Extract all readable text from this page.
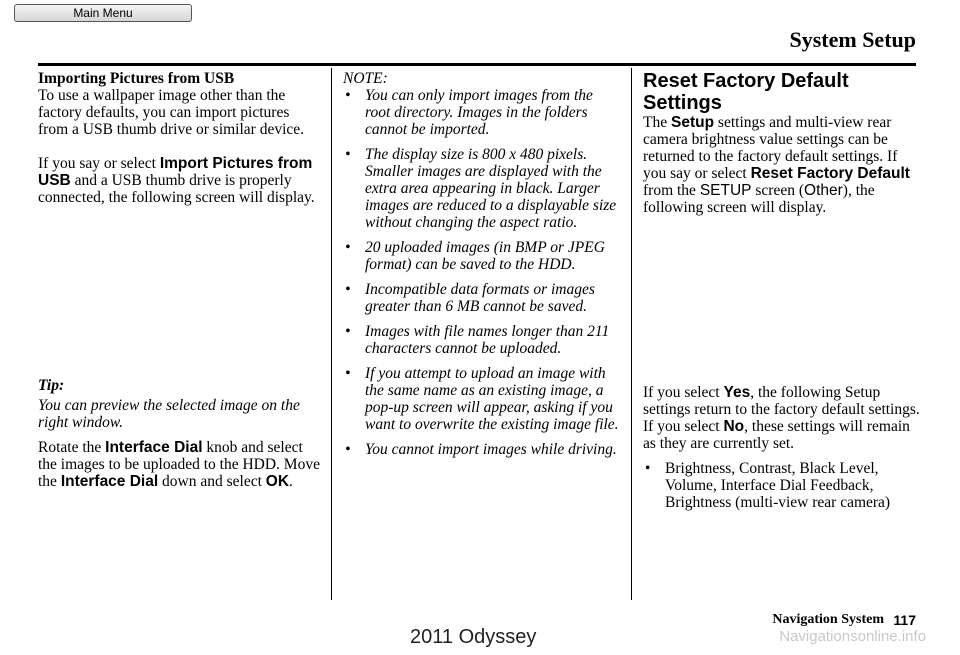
Main Menu
System Setup

Importing Pictures from USB

To use a wallpaper image other than the factory defaults, you can import pictures from a USB thumb drive or similar device.

If you say or select Import Pictures from USB and a USB thumb drive is properly connected, the following screen will display.

Tip:

You can preview the selected image on the right window.

Rotate the Interface Dial knob and select the images to be uploaded to the HDD. Move the Interface Dial down and select OK.

NOTE:

• You can only import images from the root directory. Images in the folders cannot be imported.
• The display size is 800 x 480 pixels. Smaller images are displayed with the extra area appearing in black. Larger images are reduced to a displayable size without changing the aspect ratio.
• 20 uploaded images (in BMP or JPEG format) can be saved to the HDD.
• Incompatible data formats or images greater than 6 MB cannot be saved.
• Images with file names longer than 211 characters cannot be uploaded.
• If you attempt to upload an image with the same name as an existing image, a pop-up screen will appear, asking if you want to overwrite the existing image file.
• You cannot import images while driving.

Reset Factory Default Settings

The Setup settings and multi-view rear camera brightness value settings can be returned to the factory default settings. If you say or select Reset Factory Default from the SETUP screen (Other), the following screen will display.

If you select Yes, the following Setup settings return to the factory default settings. If you select No, these settings will remain as they are currently set.

• Brightness, Contrast, Black Level, Volume, Interface Dial Feedback, Brightness (multi-view rear camera)
Navigation System 117
2011 Odyssey	Navigationsonline.info
